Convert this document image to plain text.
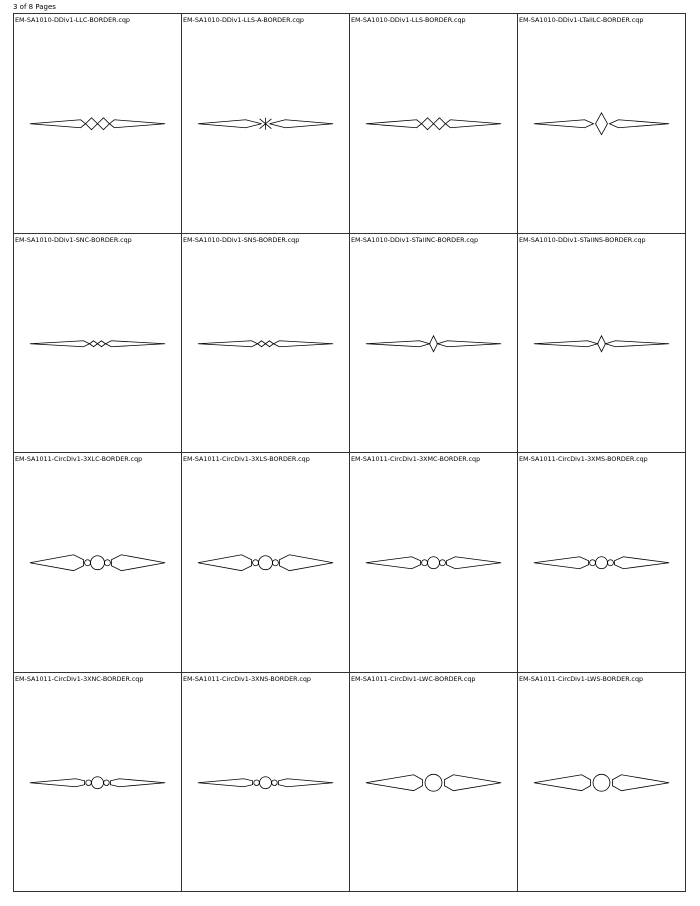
3 of 8 Pages
EM-SA1010-DDiv1-LLC-BORDER.cqp	EM-SA1010-DDiv1-LLS-A-BORDER.cqp	EM-SA1010-DDiv1-LLS-BORDER.cqp	EM-SA1010-DDiv1-LTallLC-BORDER.cqp
EM-SA1010-DDiv1-SNC-BORDER.cqp	EM-SA1010-DDiv1-SNS-BORDER.cqp	EM-SA1010-DDiv1-STallNC-BORDER.cqp	EM-SA1010-DDiv1-STallNS-BORDER.cqp
EM-SA1011-CircDiv1-3XLC-BORDER.cqp	EM-SA1011-CircDiv1-3XLS-BORDER.cqp	EM-SA1011-CircDiv1-3XMC-BORDER.cqp	EM-SA1011-CircDiv1-3XMS-BORDER.cqp
EM-SA1011-CircDiv1-3XNC-BORDER.cqp	EM-SA1011-CircDiv1-3XNS-BORDER.cqp	EM-SA1011-CircDiv1-LWC-BORDER.cqp	EM-SA1011-CircDiv1-LWS-BORDER.cqp
